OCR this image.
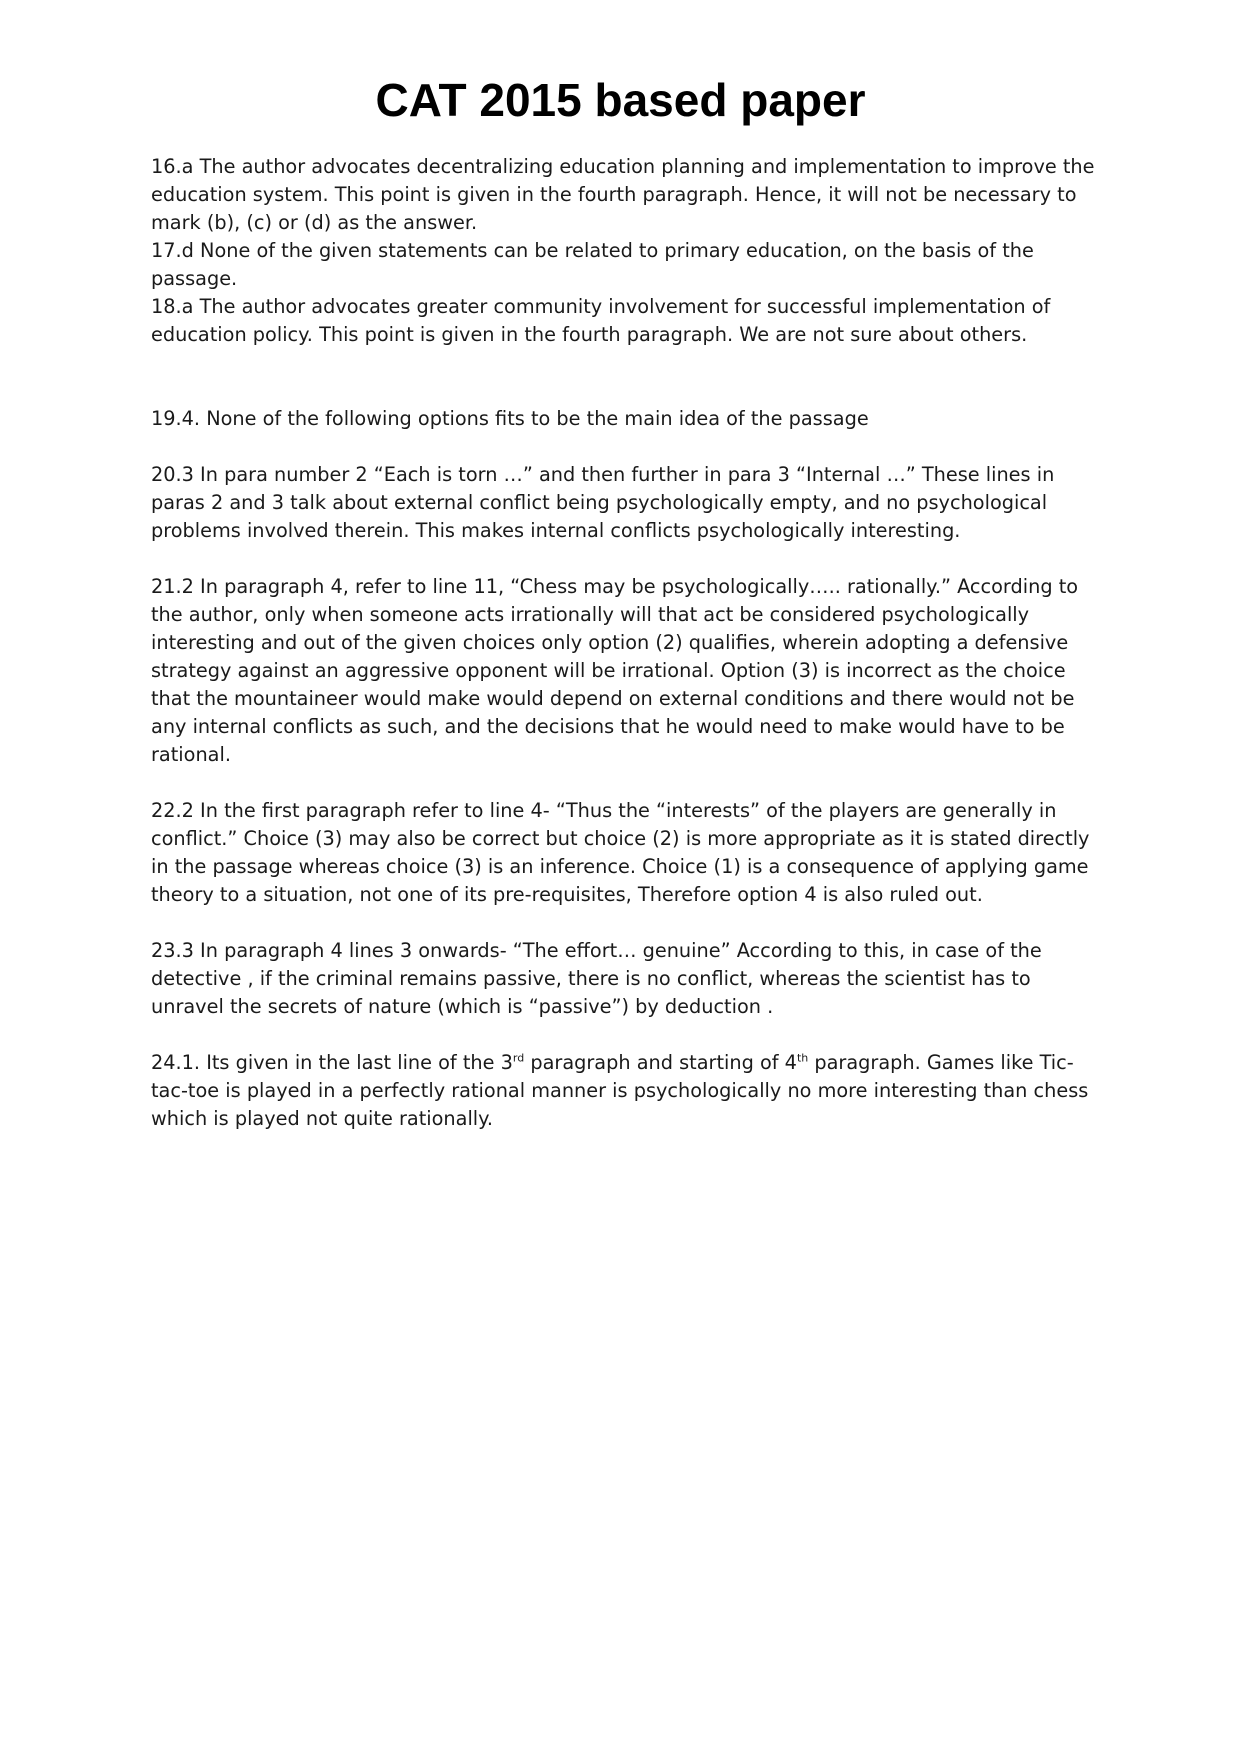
CAT 2015 based paper

16.a The author advocates decentralizing education planning and implementation to improve the education system. This point is given in the fourth paragraph. Hence, it will not be necessary to mark (b), (c) or (d) as the answer.

17.d None of the given statements can be related to primary education, on the basis of the passage.

18.a The author advocates greater community involvement for successful implementation of education policy. This point is given in the fourth paragraph. We are not sure about others.

19.4. None of the following options fits to be the main idea of the passage

20.3 In para number 2 “Each is torn …” and then further in para 3 “Internal …” These lines in paras 2 and 3 talk about external conflict being psychologically empty, and no psychological problems involved therein. This makes internal conflicts psychologically interesting.

21.2 In paragraph 4, refer to line 11, “Chess may be psychologically….. rationally.” According to the author, only when someone acts irrationally will that act be considered psychologically interesting and out of the given choices only option (2) qualifies, wherein adopting a defensive strategy against an aggressive opponent will be irrational. Option (3) is incorrect as the choice that the mountaineer would make would depend on external conditions and there would not be any internal conflicts as such, and the decisions that he would need to make would have to be rational.

22.2 In the first paragraph refer to line 4- “Thus the “interests” of the players are generally in conflict.” Choice (3) may also be correct but choice (2) is more appropriate as it is stated directly in the passage whereas choice (3) is an inference. Choice (1) is a consequence of applying game theory to a situation, not one of its pre-requisites, Therefore option 4 is also ruled out.

23.3 In paragraph 4 lines 3 onwards- “The effort… genuine” According to this, in case of the detective , if the criminal remains passive, there is no conflict, whereas the scientist has to unravel the secrets of nature (which is “passive”) by deduction .

24.1. Its given in the last line of the 3rd paragraph and starting of 4th paragraph. Games like Tic-tac-toe is played in a perfectly rational manner is psychologically no more interesting than chess which is played not quite rationally.
